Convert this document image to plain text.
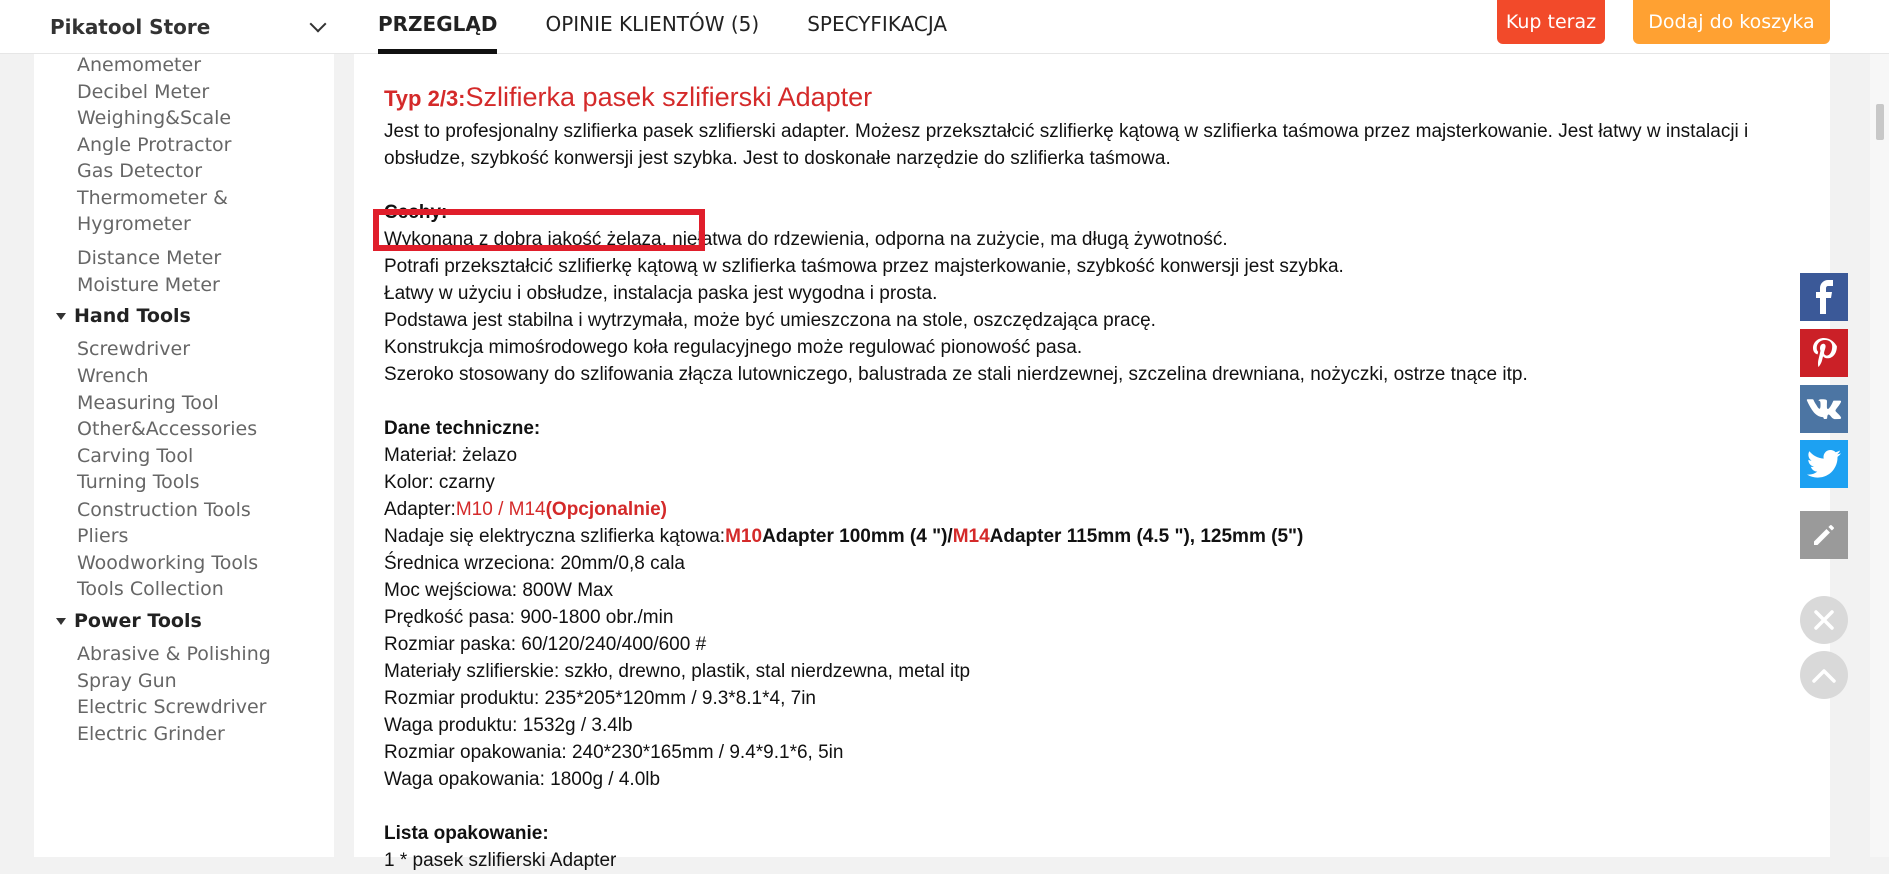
Pikatool Store	PRZEGLĄD OPINIE KLIENTÓW (5) SPECYFIKACJA	Kup teraz	Dodaj do koszyka
Anemometer
Decibel Meter
Weighing&Scale
Angle Protractor
Gas Detector
Thermometer &
Hygrometer
Distance Meter
Moisture Meter
Hand Tools
Screwdriver
Wrench
Measuring Tool
Other&Accessories
Carving Tool
Turning Tools
Construction Tools
Pliers
Woodworking Tools
Tools Collection
Power Tools
Abrasive & Polishing
Spray Gun
Electric Screwdriver
Electric Grinder
Typ 2/3:Szlifierka pasek szlifierski Adapter
Jest to profesjonalny szlifierka pasek szlifierski adapter. Możesz przekształcić szlifierkę kątową w szlifierka taśmowa przez majsterkowanie. Jest łatwy w instalacji i obsłudze, szybkość konwersji jest szybka. Jest to doskonałe narzędzie do szlifierka taśmowa.
Cechy:
Wykonana z dobra jakość żelaza, niełatwa do rdzewienia, odporna na zużycie, ma długą żywotność.
Potrafi przekształcić szlifierkę kątową w szlifierka taśmowa przez majsterkowanie, szybkość konwersji jest szybka.
Łatwy w użyciu i obsłudze, instalacja paska jest wygodna i prosta.
Podstawa jest stabilna i wytrzymała, może być umieszczona na stole, oszczędzająca pracę.
Konstrukcja mimośrodowego koła regulacyjnego może regulować pionowość pasa.
Szeroko stosowany do szlifowania złącza lutowniczego, balustrada ze stali nierdzewnej, szczelina drewniana, nożyczki, ostrze tnące itp.
Dane techniczne:
Materiał: żelazo
Kolor: czarny
Adapter:M10 / M14(Opcjonalnie)
Nadaje się elektryczna szlifierka kątowa:M10Adapter 100mm (4 ")/M14Adapter 115mm (4.5 "), 125mm (5")
Średnica wrzeciona: 20mm/0,8 cala
Moc wejściowa: 800W Max
Prędkość pasa: 900-1800 obr./min
Rozmiar paska: 60/120/240/400/600 #
Materiały szlifierskie: szkło, drewno, plastik, stal nierdzewna, metal itp
Rozmiar produktu: 235*205*120mm / 9.3*8.1*4, 7in
Waga produktu: 1532g / 3.4lb
Rozmiar opakowania: 240*230*165mm / 9.4*9.1*6, 5in
Waga opakowania: 1800g / 4.0lb
Lista opakowanie:
1 * pasek szlifierski Adapter
